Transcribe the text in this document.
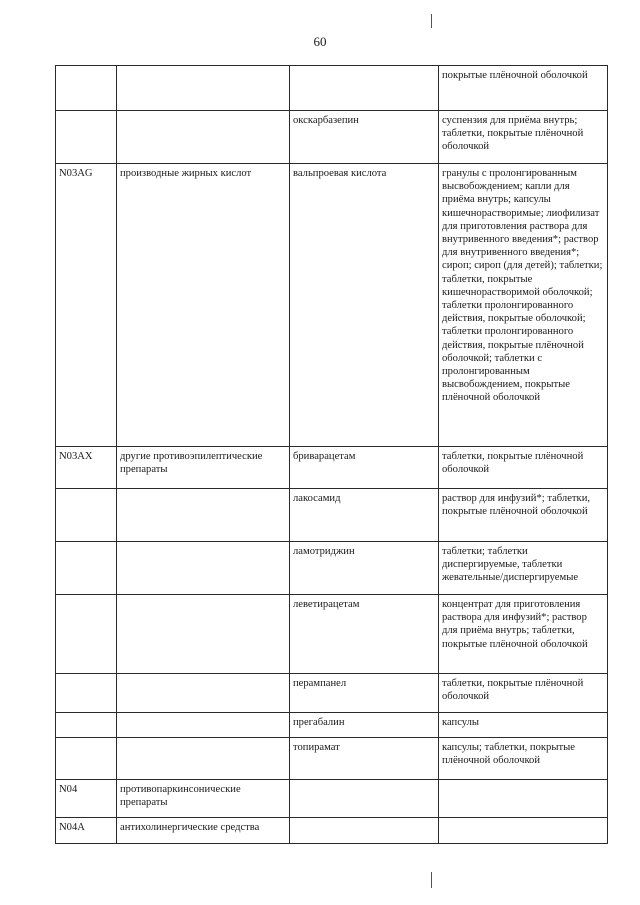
60
			покрытые плёночной оболочкой
		окскарбазепин	суспензия для приёма внутрь; таблетки, покрытые плёночной оболочкой
N03AG	производные жирных кислот	вальпроевая кислота	гранулы с пролонгированным высвобождением; капли для приёма внутрь; капсулы кишечнорастворимые; лиофилизат для приготовления раствора для внутривенного введения*; раствор для внутривенного введения*; сироп; сироп (для детей); таблетки; таблетки, покрытые кишечнорастворимой оболочкой; таблетки пролонгированного действия, покрытые оболочкой; таблетки пролонгированного действия, покрытые плёночной оболочкой; таблетки с пролонгированным высвобождением, покрытые плёночной оболочкой
N03AX	другие противоэпилептические препараты	бриварацетам	таблетки, покрытые плёночной оболочкой
		лакосамид	раствор для инфузий*; таблетки, покрытые плёночной оболочкой
		ламотриджин	таблетки; таблетки диспергируемые, таблетки жевательные/диспергируемые
		леветирацетам	концентрат для приготовления раствора для инфузий*; раствор для приёма внутрь; таблетки, покрытые плёночной оболочкой
		перампанел	таблетки, покрытые плёночной оболочкой
		прегабалин	капсулы
		топирамат	капсулы; таблетки, покрытые плёночной оболочкой
N04	противопаркинсонические препараты		
N04A	антихолинергические средства		
